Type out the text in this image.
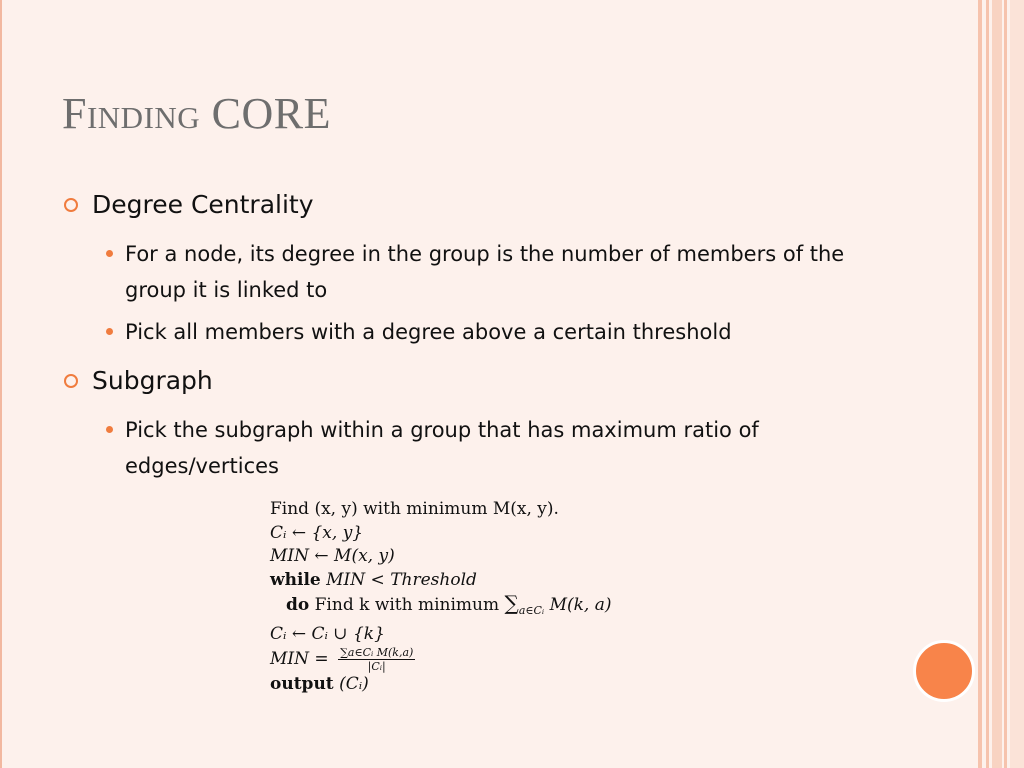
Finding CORE
Degree Centrality
For a node, its degree in the group is the number of members of the group it is linked to
Pick all members with a degree above a certain threshold
Subgraph
Pick the subgraph within a group that has maximum ratio of edges/vertices
Find (x, y) with minimum M(x, y).
Cᵢ ← {x, y}
MIN ← M(x, y)
while MIN < Threshold
do Find k with minimum $\sum_{a\in Cᵢ}$ M(k, a)
Cᵢ ← Cᵢ ∪ {k}
MIN = $\frac{\text{∑a∈Cᵢ M(k,a)}}{\text{|Cᵢ|}}$
output (Cᵢ)
